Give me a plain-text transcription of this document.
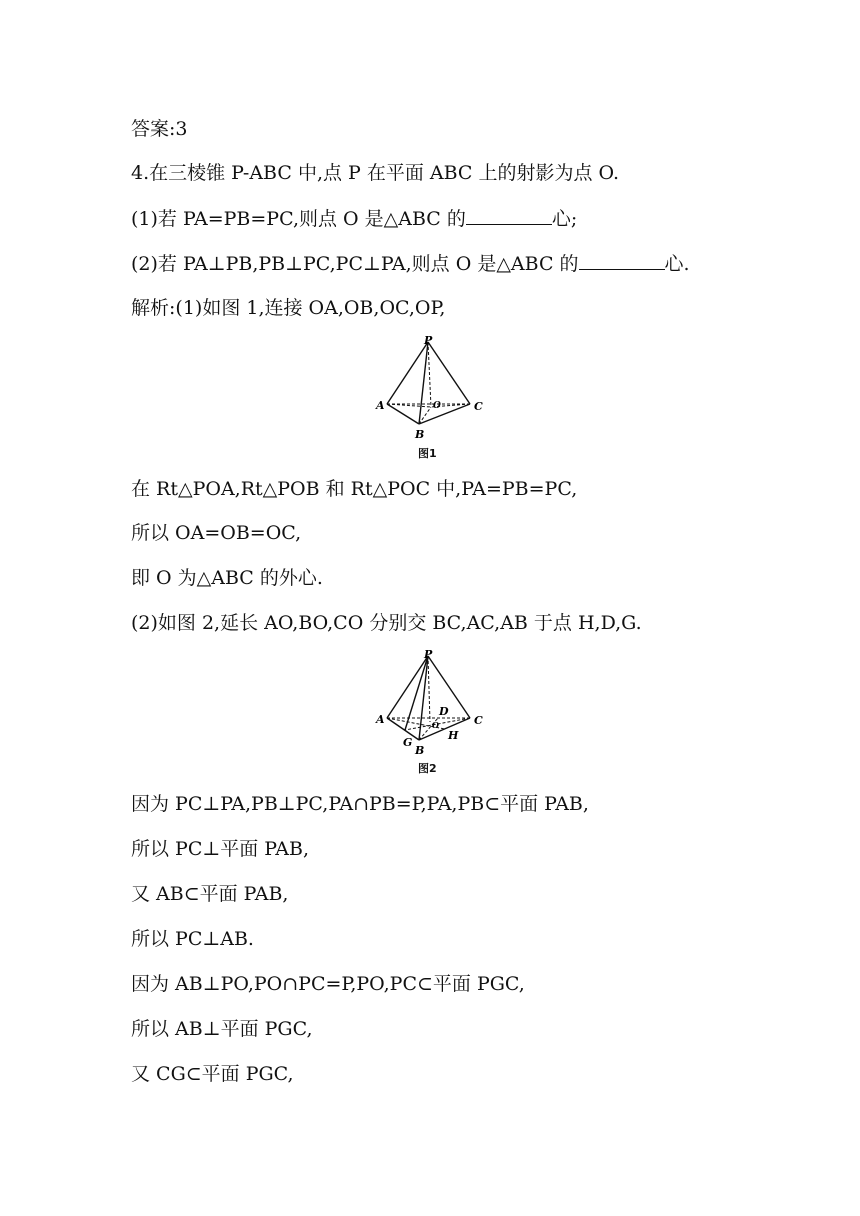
答案:3
4.在三棱锥 P-ABC 中,点 P 在平面 ABC 上的射影为点 O.
(1)若 PA=PB=PC,则点 O 是△ABC 的	心;
(2)若 PA⊥PB,PB⊥PC,PC⊥PA,则点 O 是△ABC 的	心.
解析:(1)如图 1,连接 OA,OB,OC,OP,
P
A	C
B
O
图1
在 Rt△POA,Rt△POB 和 Rt△POC 中,PA=PB=PC,
所以 OA=OB=OC,
即 O 为△ABC 的外心.
(2)如图 2,延长 AO,BO,CO 分别交 BC,AC,AB 于点 H,D,G.
P
A	C
B
D
G
H
O
图2
因为 PC⊥PA,PB⊥PC,PA∩PB=P,PA,PB⊂平面 PAB,
所以 PC⊥平面 PAB,
又 AB⊂平面 PAB,
所以 PC⊥AB.
因为 AB⊥PO,PO∩PC=P,PO,PC⊂平面 PGC,
所以 AB⊥平面 PGC,
又 CG⊂平面 PGC,
